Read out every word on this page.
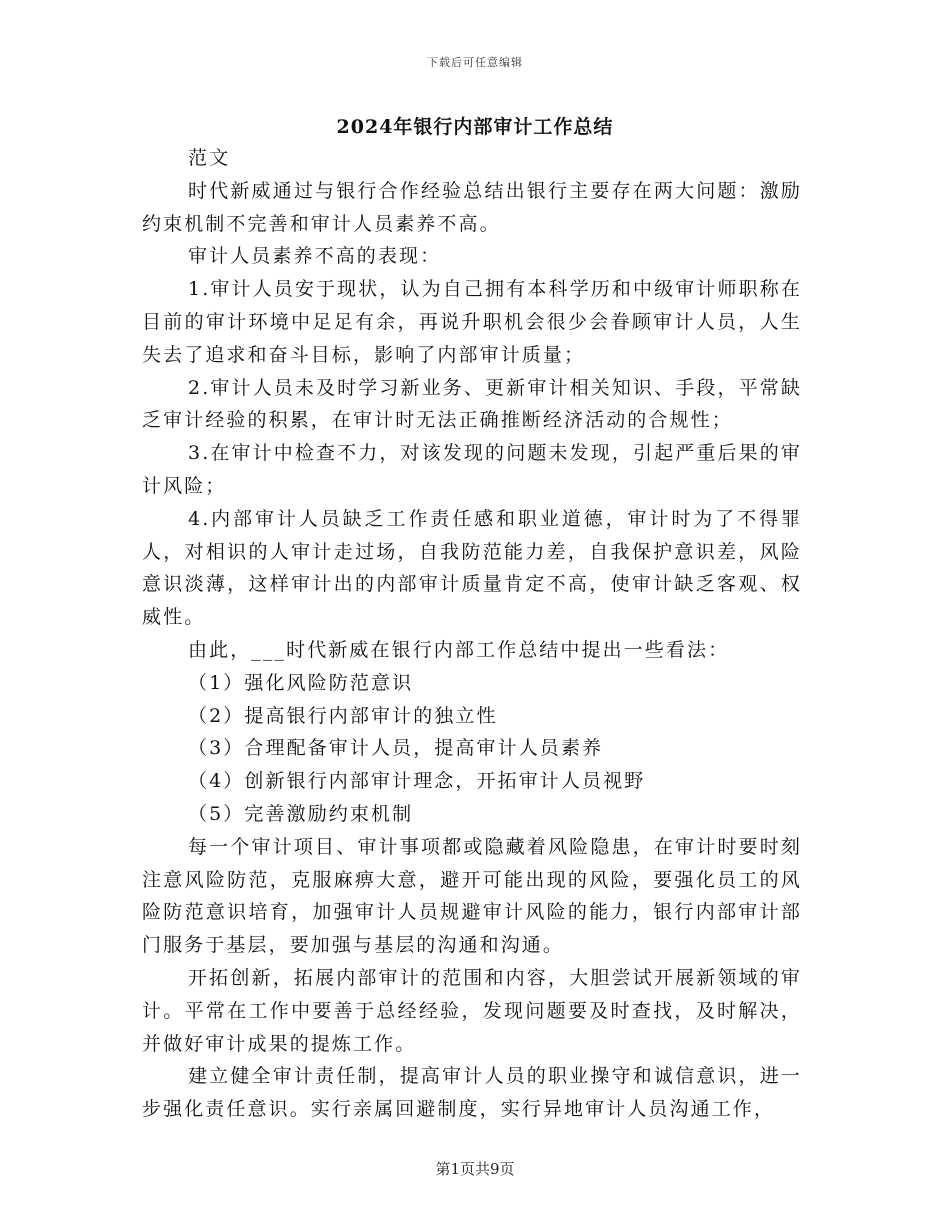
下载后可任意编辑
2024年银行内部审计工作总结

范文

时代新威通过与银行合作经验总结出银行主要存在两大问题：激励约束机制不完善和审计人员素养不高。

审计人员素养不高的表现：

1.审计人员安于现状，认为自己拥有本科学历和中级审计师职称在目前的审计环境中足足有余，再说升职机会很少会眷顾审计人员，人生失去了追求和奋斗目标，影响了内部审计质量；

2.审计人员未及时学习新业务、更新审计相关知识、手段，平常缺乏审计经验的积累，在审计时无法正确推断经济活动的合规性；

3.在审计中检查不力，对该发现的问题未发现，引起严重后果的审计风险；

4.内部审计人员缺乏工作责任感和职业道德，审计时为了不得罪人，对相识的人审计走过场，自我防范能力差，自我保护意识差，风险意识淡薄，这样审计出的内部审计质量肯定不高，使审计缺乏客观、权威性。

由此，___时代新威在银行内部工作总结中提出一些看法：

（1）强化风险防范意识

（2）提高银行内部审计的独立性

（3）合理配备审计人员，提高审计人员素养

（4）创新银行内部审计理念，开拓审计人员视野

（5）完善激励约束机制

每一个审计项目、审计事项都或隐藏着风险隐患，在审计时要时刻注意风险防范，克服麻痹大意，避开可能出现的风险，要强化员工的风险防范意识培育，加强审计人员规避审计风险的能力，银行内部审计部门服务于基层，要加强与基层的沟通和沟通。

开拓创新，拓展内部审计的范围和内容，大胆尝试开展新领域的审计。平常在工作中要善于总经经验，发现问题要及时查找，及时解决，并做好审计成果的提炼工作。

建立健全审计责任制，提高审计人员的职业操守和诚信意识，进一步强化责任意识。实行亲属回避制度，实行异地审计人员沟通工作，

第1页共9页
